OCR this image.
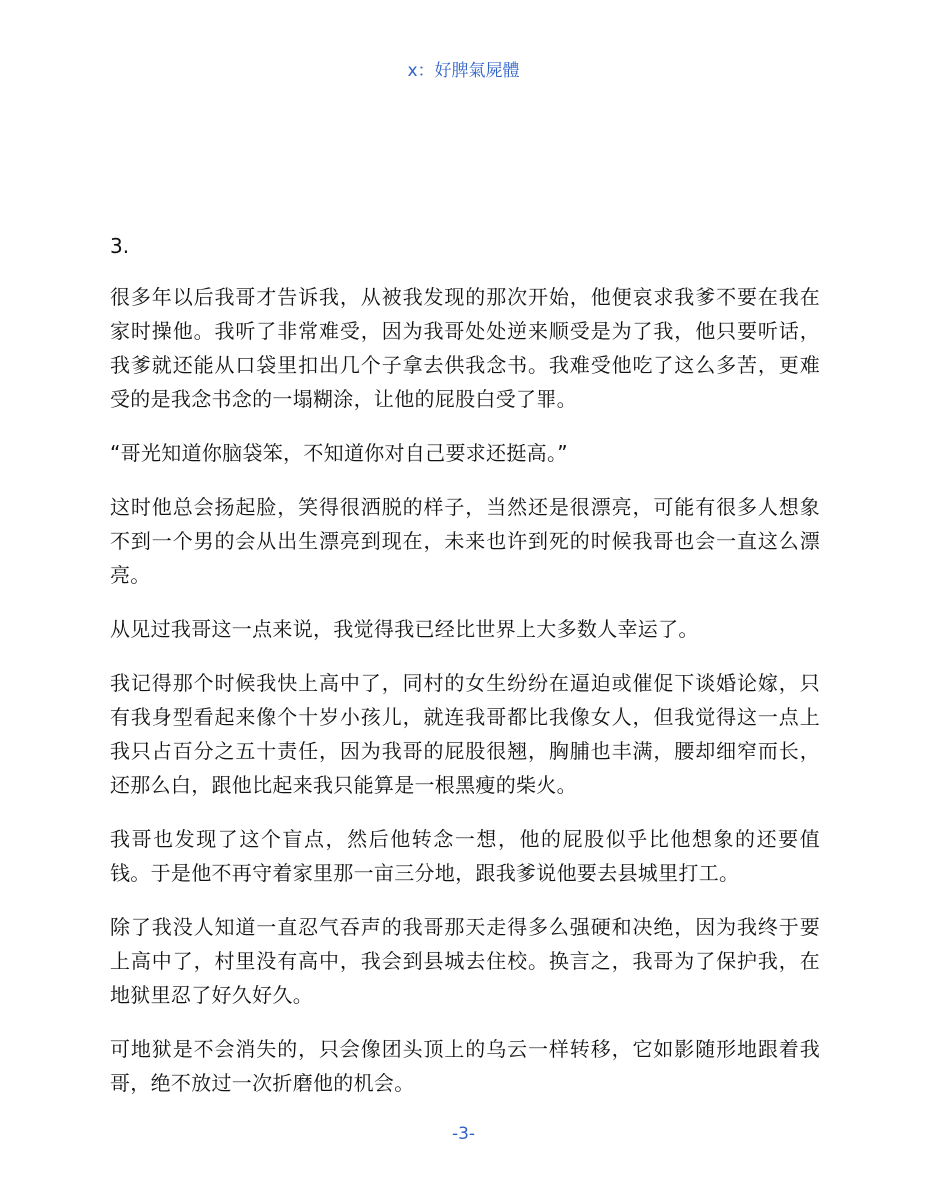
x：好脾氣屍體
3.

很多年以后我哥才告诉我，从被我发现的那次开始，他便哀求我爹不要在我在家时操他。我听了非常难受，因为我哥处处逆来顺受是为了我，他只要听话，我爹就还能从口袋里扣出几个子拿去供我念书。我难受他吃了这么多苦，更难受的是我念书念的一塌糊涂，让他的屁股白受了罪。

“哥光知道你脑袋笨，不知道你对自己要求还挺高。”

这时他总会扬起脸，笑得很洒脱的样子，当然还是很漂亮，可能有很多人想象不到一个男的会从出生漂亮到现在，未来也许到死的时候我哥也会一直这么漂亮。

从见过我哥这一点来说，我觉得我已经比世界上大多数人幸运了。

我记得那个时候我快上高中了，同村的女生纷纷在逼迫或催促下谈婚论嫁，只有我身型看起来像个十岁小孩儿，就连我哥都比我像女人，但我觉得这一点上我只占百分之五十责任，因为我哥的屁股很翘，胸脯也丰满，腰却细窄而长，还那么白，跟他比起来我只能算是一根黑瘦的柴火。

我哥也发现了这个盲点，然后他转念一想，他的屁股似乎比他想象的还要值钱。于是他不再守着家里那一亩三分地，跟我爹说他要去县城里打工。

除了我没人知道一直忍气吞声的我哥那天走得多么强硬和决绝，因为我终于要上高中了，村里没有高中，我会到县城去住校。换言之，我哥为了保护我，在地狱里忍了好久好久。

可地狱是不会消失的，只会像团头顶上的乌云一样转移，它如影随形地跟着我哥，绝不放过一次折磨他的机会。

-3-
